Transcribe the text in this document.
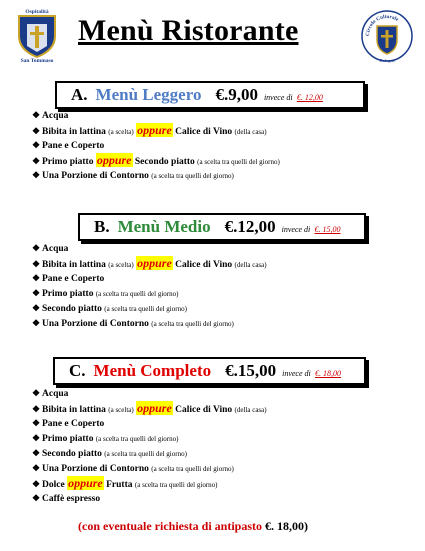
Ospitalità
San Tommaso
Menù Ristorante	Circolo Culturale
Bologna
A. Menù Leggero €.9,00 invece di €. 12,00
❖ Acqua
❖ Bibita in lattina (a scelta) oppure Calice di Vino (della casa)
❖ Pane e Coperto
❖ Primo piatto oppure Secondo piatto (a scelta tra quelli del giorno)
❖ Una Porzione di Contorno (a scelta tra quelli del giorno)
B. Menù Medio €.12,00 invece di €. 15,00
❖ Acqua
❖ Bibita in lattina (a scelta) oppure Calice di Vino (della casa)
❖ Pane e Coperto
❖ Primo piatto (a scelta tra quelli del giorno)
❖ Secondo piatto (a scelta tra quelli del giorno)
❖ Una Porzione di Contorno (a scelta tra quelli del giorno)
C. Menù Completo €.15,00 invece di €. 18,00
❖ Acqua
❖ Bibita in lattina (a scelta) oppure Calice di Vino (della casa)
❖ Pane e Coperto
❖ Primo piatto (a scelta tra quelli del giorno)
❖ Secondo piatto (a scelta tra quelli del giorno)
❖ Una Porzione di Contorno (a scelta tra quelli del giorno)
❖ Dolce oppure Frutta (a scelta tra quelli del giorno)
❖ Caffè espresso
(con eventuale richiesta di antipasto €. 18,00)
